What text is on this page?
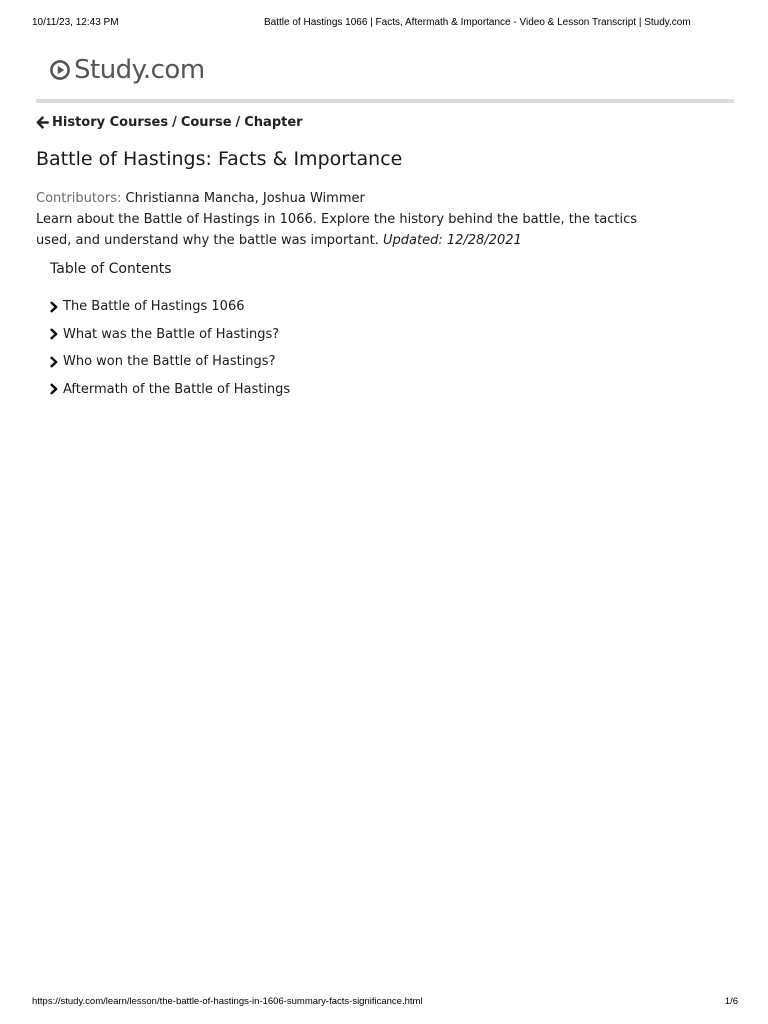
10/11/23, 12:43 PM	Battle of Hastings 1066 | Facts, Aftermath & Importance - Video & Lesson Transcript | Study.com
Study.com
History Courses / Course / Chapter
Battle of Hastings: Facts & Importance
Contributors: Christianna Mancha, Joshua Wimmer

Learn about the Battle of Hastings in 1066. Explore the history behind the battle, the tactics used, and understand why the battle was important. Updated: 12/28/2021

Table of Contents
The Battle of Hastings 1066
What was the Battle of Hastings?
Who won the Battle of Hastings?
Aftermath of the Battle of Hastings
https://study.com/learn/lesson/the-battle-of-hastings-in-1606-summary-facts-significance.html	1/6
